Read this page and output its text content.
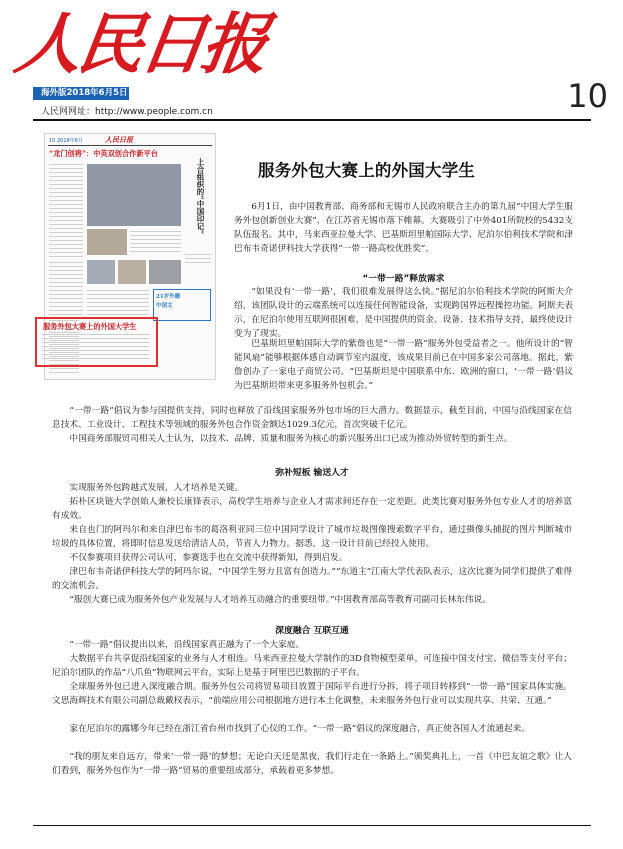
人民日报
海外版2018年6月5日
人民网网址：http://www.people.com.cn	10
10 2018年6月	人民日报
“龙门创将”：中英双创合作新平台
上合组织的“中国印记”
21岁外籍
中国文
服务外包大赛上的外国大学生
服务外包大赛上的外国大学生

6月1日，由中国教育部、商务部和无锡市人民政府联合主办的第九届“中国大学生服务外包创新创业大赛”，在江苏省无锡市落下帷幕。大赛吸引了中外401所院校的5432支队伍报名。其中，马来西亚拉曼大学、巴基斯坦里帕国际大学、尼泊尔伯利技术学院和津巴布韦奇诺伊科技大学获得“一带一路高校优胜奖”。

“一带一路”释放需求

“如果没有‘一带一路’，我们很难发展得这么快。”据尼泊尔伯利技术学院的阿斯夫介绍，该团队设计的云端系统可以连接任何智能设备，实现跨国界远程操控功能。阿斯夫表示，在尼泊尔使用互联网很困难，是中国提供的资金、设备、技术指导支持，最终使设计变为了现实。

巴基斯坦里帕国际大学的紫詹也是“一带一路”服务外包受益者之一。他所设计的“智能风扇”能够根据体感自动调节室内温度，该成果目前已在中国多家公司落地。据此，紫詹创办了一家电子商贸公司。“巴基斯坦是中国联系中东、欧洲的窗口，‘一带一路’倡议为巴基斯坦带来更多服务外包机会。”

“一带一路”倡议为参与国提供支持，同时也释放了沿线国家服务外包市场的巨大潜力。数据显示，截至目前，中国与沿线国家在信息技术、工业设计、工程技术等领域的服务外包合作资金额达1029.3亿元，首次突破千亿元。

中国商务部服贸司相关人士认为，以技术、品牌、质量和服务为核心的新兴服务出口已成为推动外贸转型的新生点。

弥补短板 输送人才

实现服务外包跨越式发展，人才培养是关键。

拓朴区块链大学创始人兼校长康锋表示，高校学生培养与企业人才需求间还存在一定差距。此类比赛对服务外包专业人才的培养富有成效。

来自也门的阿玛尔和来自津巴布韦的葛洛利亚同三位中国同学设计了城市垃圾图像搜索数字平台，通过摄像头捕捉的图片判断城市垃圾的具体位置，将即时信息发送给清洁人员，节省人力物力。据悉，这一设计目前已经投入使用。

不仅参赛项目获得公司认可，参赛选手也在交流中获得新知，得到启发。

津巴布韦奇诺伊科技大学的阿玛尔说，“中国学生努力且富有创造力。”“东道主”江南大学代表队表示，这次比赛为同学们提供了难得的交流机会。

“服创大赛已成为服务外包产业发展与人才培养互动融合的重要纽带。”中国教育部高等教育司副司长林东伟说。

深度融合 互联互通

“一带一路”倡议提出以来，沿线国家真正融为了一个大家庭。

大数据平台共享促沿线国家的业务与人才相连。马来西亚拉曼大学制作的3D食物模型菜单，可连接中国支付宝、微信等支付平台；尼泊尔团队的作品“八爪鱼”物联网云平台，实际上是基于阿里巴巴数据的子平台。

全球服务外包已进入深度融合期。服务外包公司将贸易项目放置于国际平台进行分拆，将子项目转移到“一带一路”国家具体实施。文思海辉技术有限公司副总裁戴权表示，“前端应用公司根据地方进行本土化调整，未来服务外包行业可以实现共享、共荣、互通。”

家在尼泊尔的露娜今年已经在浙江省台州市找到了心仪的工作。“一带一路”倡议的深度融合，真正使各国人才流通起来。

“我的朋友来自远方，带来‘一带一路’的梦想；无论白天还是黑夜，我们行走在一条路上。”颁奖典礼上，一首《中巴友谊之歌》让人们看到，服务外包作为“一带一路”贸易的重要组成部分，承载着更多梦想。
